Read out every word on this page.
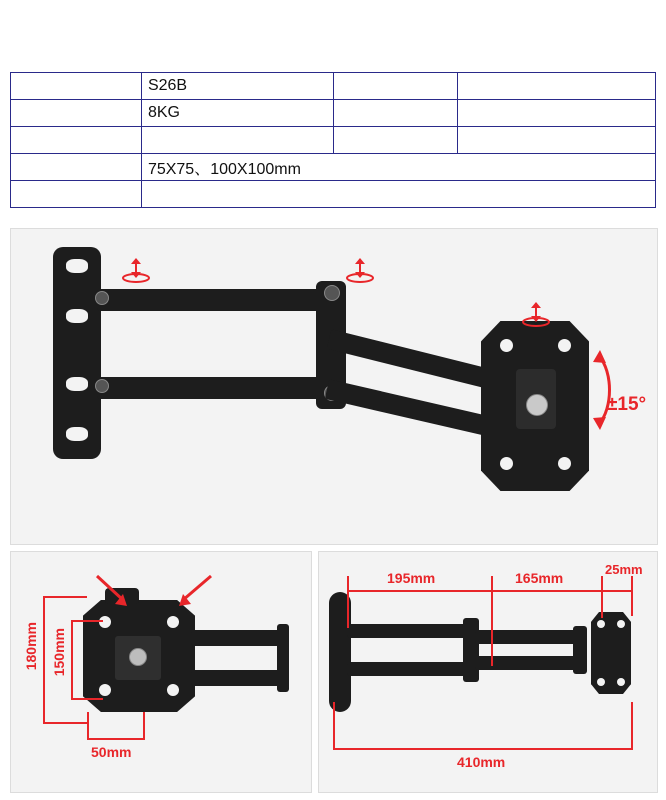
	S26B		
	8KG		

	75X75、100X100mm		

±15°
180mm 150mm
50mm
195mm	165mm
25mm
410mm
